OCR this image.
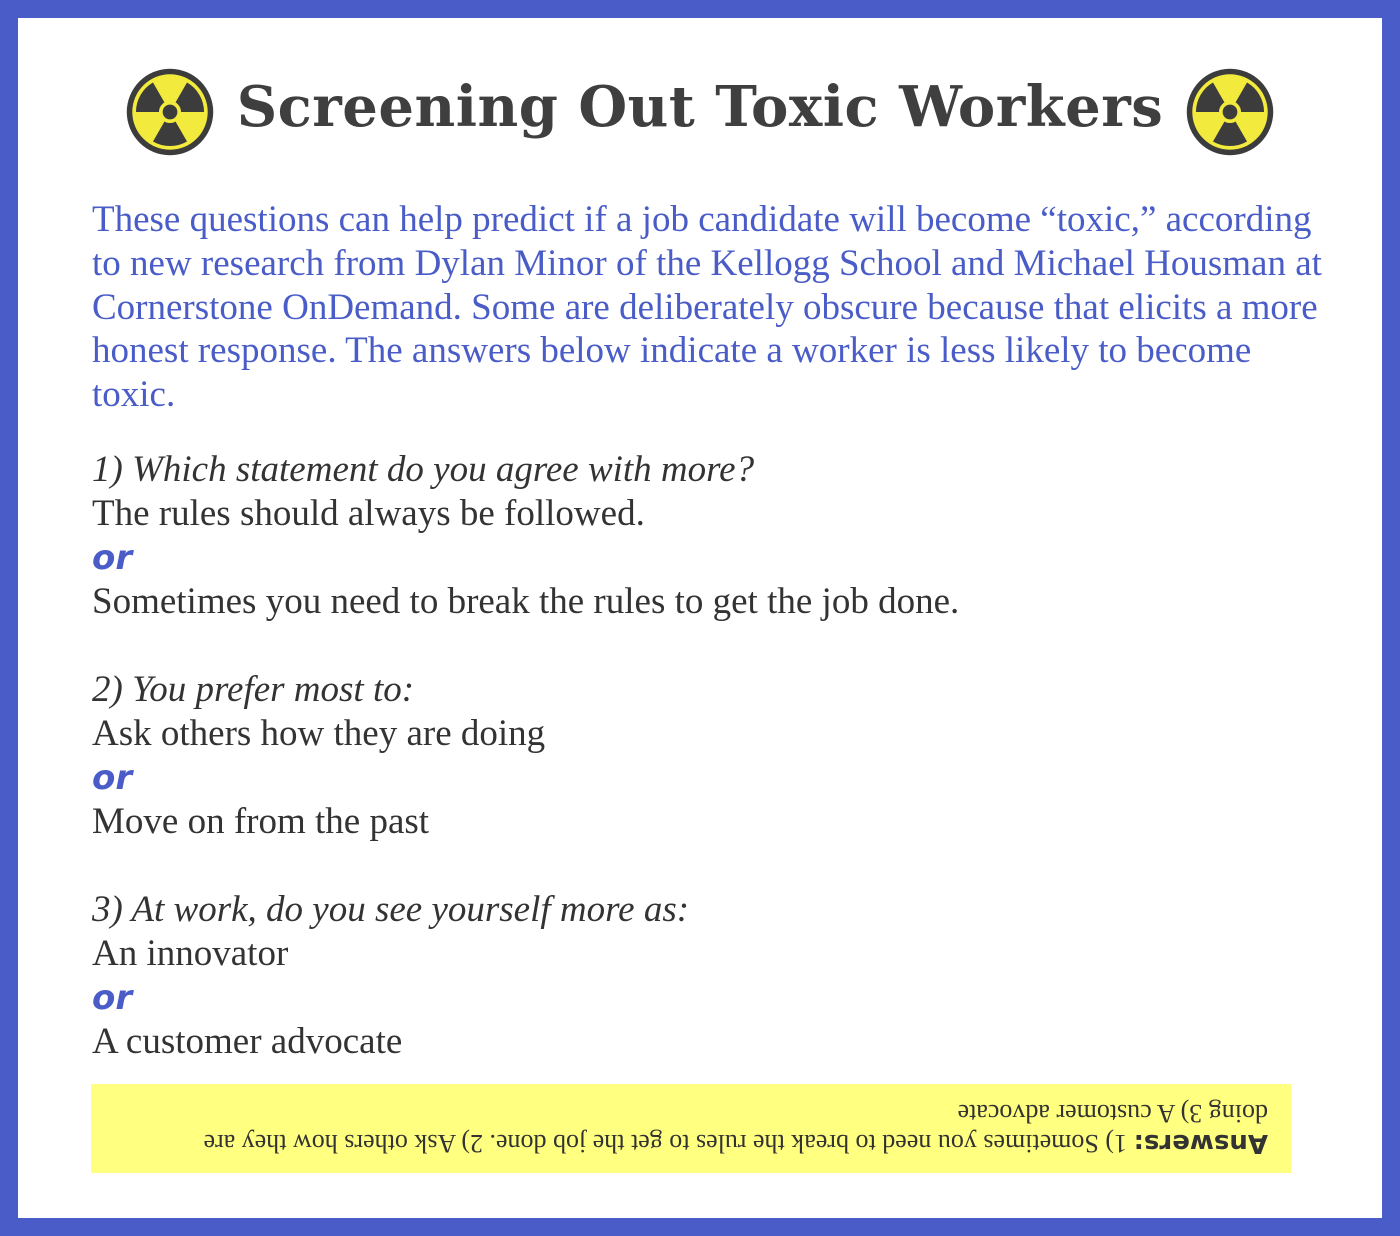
Screening Out Toxic Workers
These questions can help predict if a job candidate will become “toxic,” according to new research from Dylan Minor of the Kellogg School and Michael Housman at Cornerstone OnDemand. Some are deliberately obscure because that elicits a more honest response. The answers below indicate a worker is less likely to become toxic.
1) Which statement do you agree with more?
The rules should always be followed.
or
Sometimes you need to break the rules to get the job done.
2) You prefer most to:
Ask others how they are doing
or
Move on from the past
3) At work, do you see yourself more as:
An innovator
or
A customer advocate
Answers: 1) Sometimes you need to break the rules to get the job done. 2) Ask others how they are doing 3) A customer advocate
